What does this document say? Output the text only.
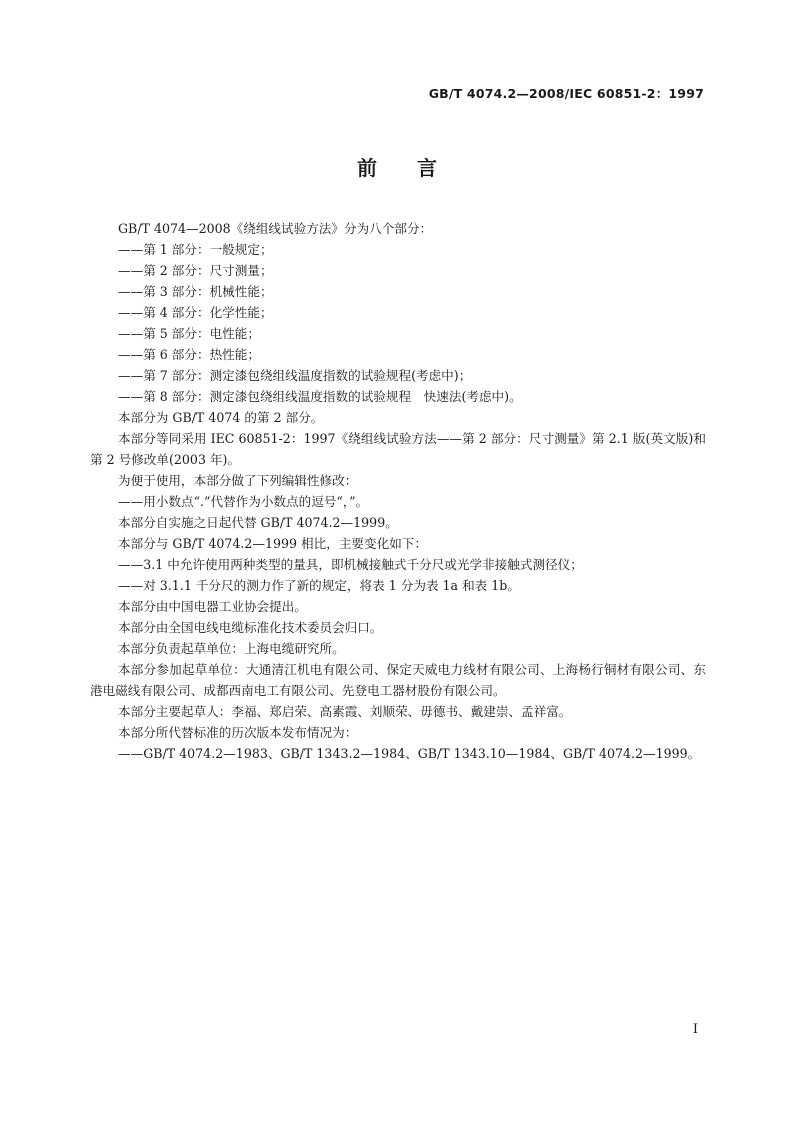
GB/T 4074.2—2008/IEC 60851-2：1997
前 言

GB/T 4074—2008《绕组线试验方法》分为八个部分：

——第 1 部分：一般规定；

——第 2 部分：尺寸测量；

——第 3 部分：机械性能；

——第 4 部分：化学性能；

——第 5 部分：电性能；

——第 6 部分：热性能；

——第 7 部分：测定漆包绕组线温度指数的试验规程(考虑中)；

——第 8 部分：测定漆包绕组线温度指数的试验规程　快速法(考虑中)。

本部分为 GB/T 4074 的第 2 部分。

本部分等同采用 IEC 60851-2：1997《绕组线试验方法——第 2 部分：尺寸测量》第 2.1 版(英文版)和第 2 号修改单(2003 年)。

为便于使用，本部分做了下列编辑性修改：

——用小数点“.”代替作为小数点的逗号“，”。

本部分自实施之日起代替 GB/T 4074.2—1999。

本部分与 GB/T 4074.2—1999 相比，主要变化如下：

——3.1 中允许使用两种类型的量具，即机械接触式千分尺或光学非接触式测径仪；

——对 3.1.1 千分尺的测力作了新的规定，将表 1 分为表 1a 和表 1b。

本部分由中国电器工业协会提出。

本部分由全国电线电缆标准化技术委员会归口。

本部分负责起草单位：上海电缆研究所。

本部分参加起草单位：大通清江机电有限公司、保定天威电力线材有限公司、上海杨行铜材有限公司、东港电磁线有限公司、成都西南电工有限公司、先登电工器材股份有限公司。

本部分主要起草人：李福、郑启荣、高素霞、刘顺荣、毋德书、戴建崇、孟祥富。

本部分所代替标准的历次版本发布情况为：

——GB/T 4074.2—1983、GB/T 1343.2—1984、GB/T 1343.10—1984、GB/T 4074.2—1999。

I
